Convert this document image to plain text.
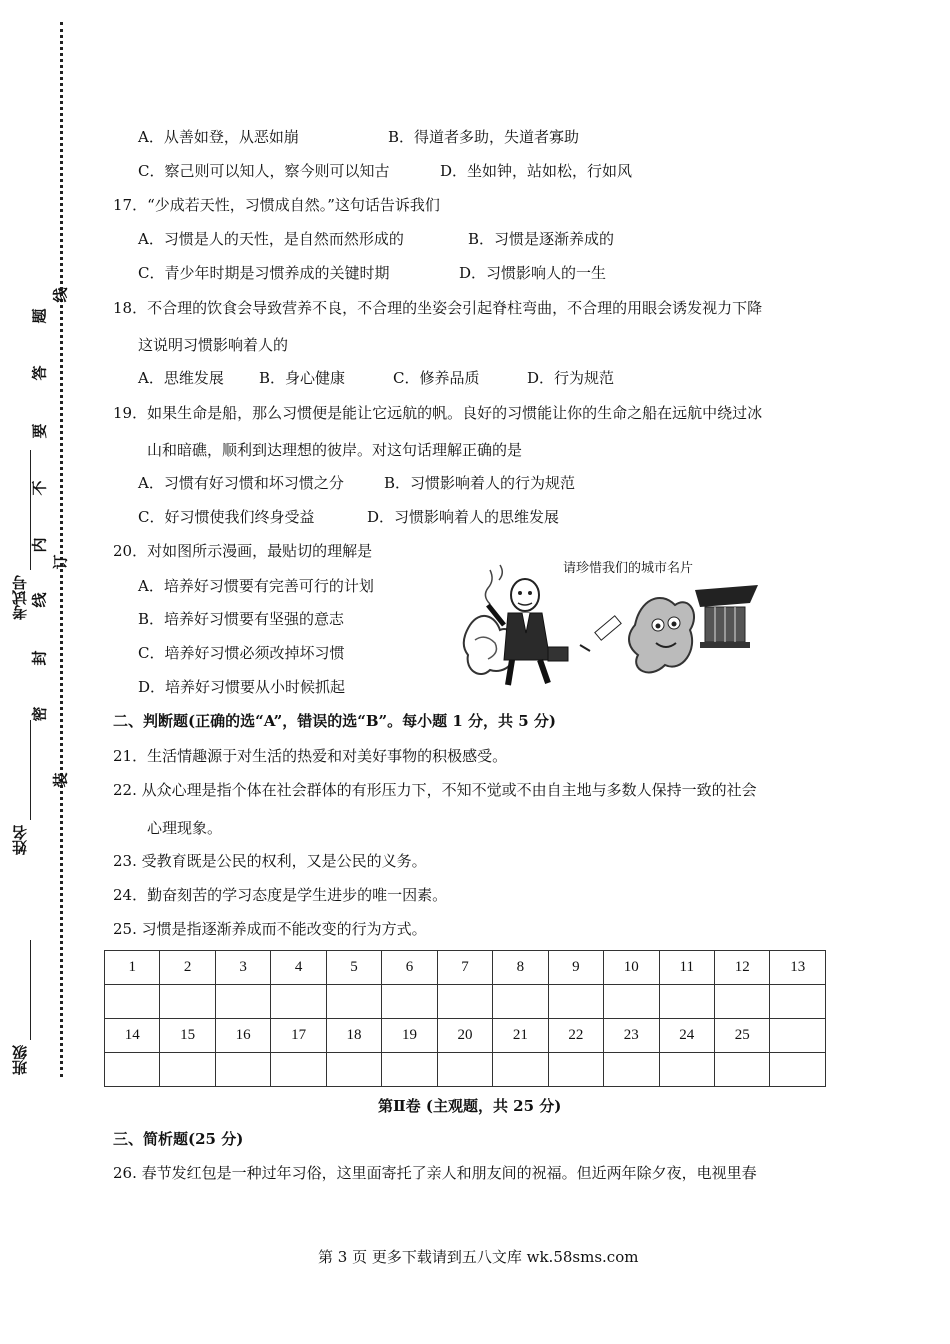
班级
姓名
考试号
题
答
要
不
内
线
封
密
线
订
装
A．从善如登，从恶如崩	B．得道者多助，失道者寡助
C．察己则可以知人，察今则可以知古	D．坐如钟，站如松，行如风
17．“少成若天性，习惯成自然。”这句话告诉我们
A．习惯是人的天性，是自然而然形成的	B．习惯是逐渐养成的
C．青少年时期是习惯养成的关键时期	D．习惯影响人的一生
18．不合理的饮食会导致营养不良，不合理的坐姿会引起脊柱弯曲，不合理的用眼会诱发视力下降
这说明习惯影响着人的
A．思维发展 B．身心健康	C．修养品质	D．行为规范
19．如果生命是船，那么习惯便是能让它远航的帆。良好的习惯能让你的生命之船在远航中绕过冰
山和暗礁，顺利到达理想的彼岸。对这句话理解正确的是
A．习惯有好习惯和坏习惯之分	B．习惯影响着人的行为规范
C．好习惯使我们终身受益	D．习惯影响着人的思维发展
20．对如图所示漫画，最贴切的理解是
A．培养好习惯要有完善可行的计划
B．培养好习惯要有坚强的意志
C．培养好习惯必须改掉坏习惯
D．培养好习惯要从小时候抓起
请珍惜我们的城市名片
二、判断题(正确的选“A”，错误的选“B”。每小题 1 分，共 5 分)
21．生活情趣源于对生活的热爱和对美好事物的积极感受。
22. 从众心理是指个体在社会群体的有形压力下，不知不觉或不由自主地与多数人保持一致的社会
心理现象。
23. 受教育既是公民的权利，又是公民的义务。
24．勤奋刻苦的学习态度是学生进步的唯一因素。
25. 习惯是指逐渐养成而不能改变的行为方式。
1	2	3	4	5	6	7	8	9	10	11	12	13

14	15	16	17	18	19	20	21	22	23	24	25	

第Ⅱ卷 (主观题，共 25 分)
三、简析题(25 分)
26. 春节发红包是一种过年习俗，这里面寄托了亲人和朋友间的祝福。但近两年除夕夜，电视里春
第 3 页 更多下载请到五八文库 wk.58sms.com
